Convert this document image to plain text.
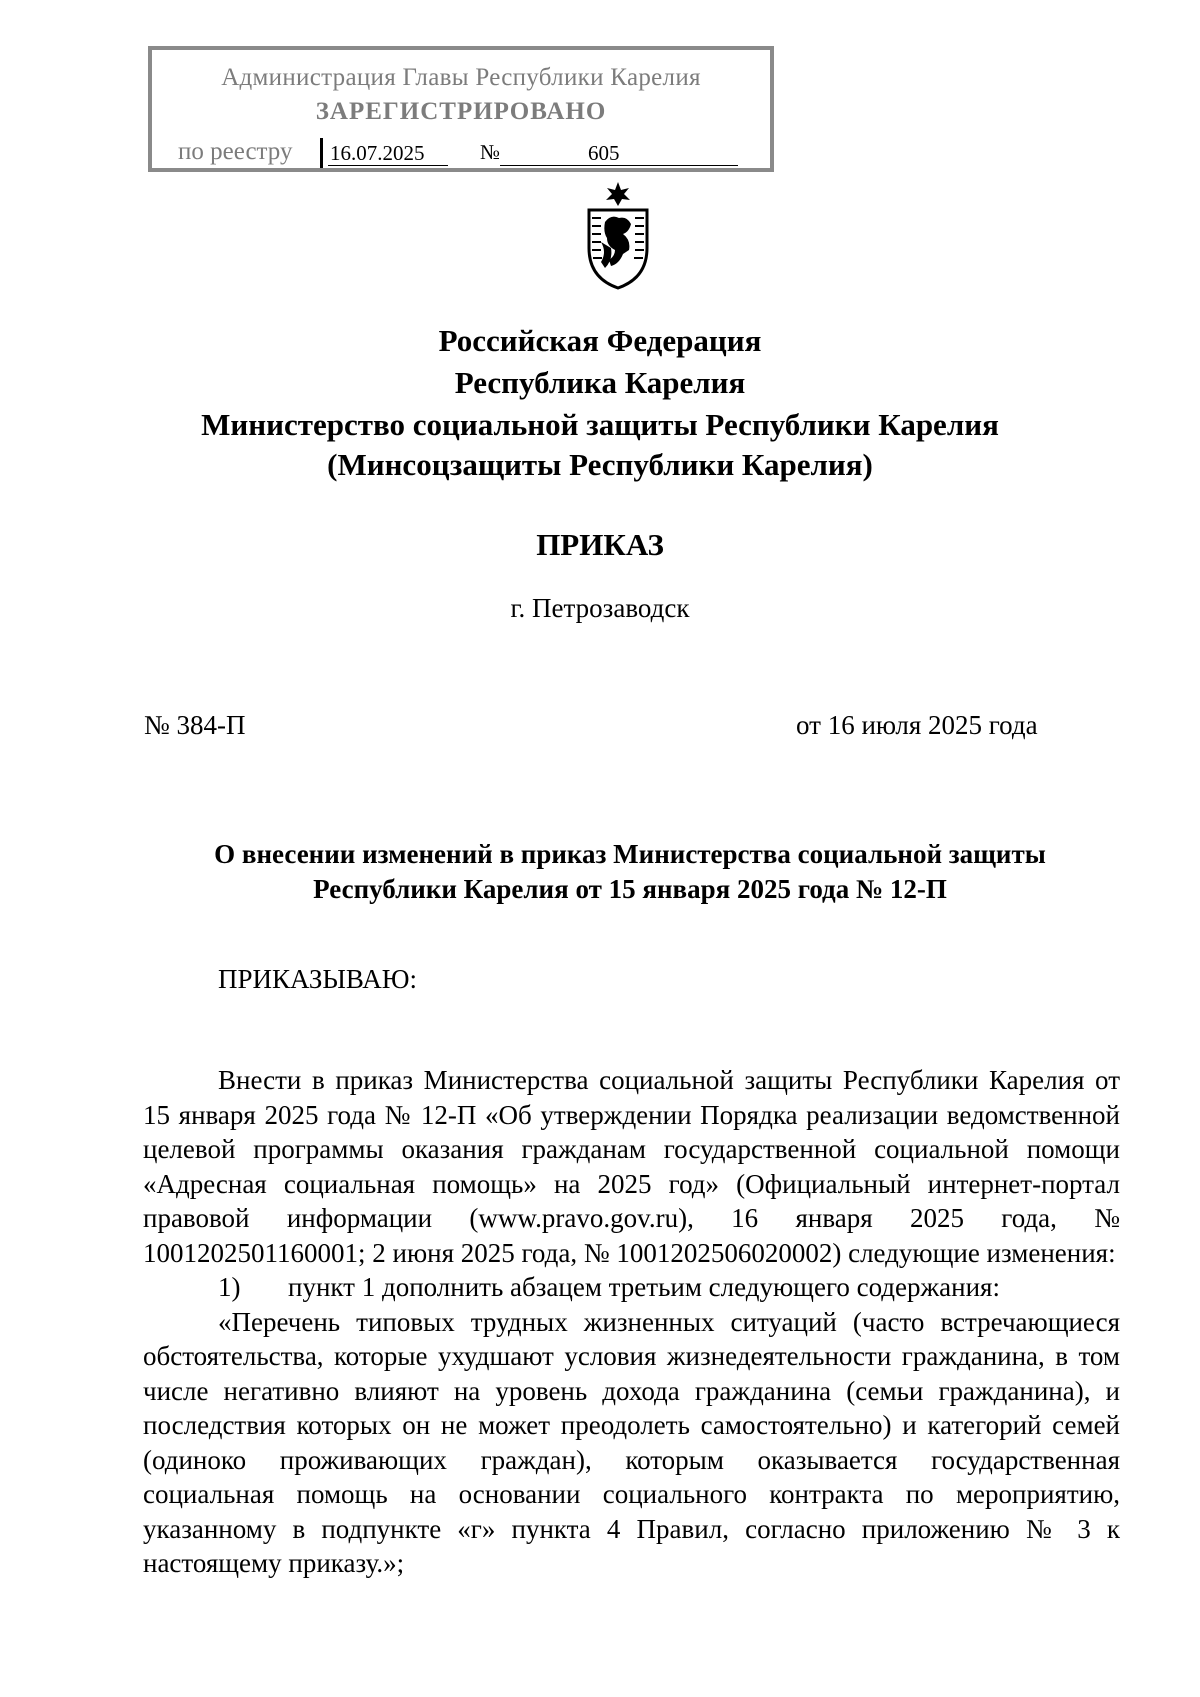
Администрация Главы Республики Карелия
ЗАРЕГИСТРИРОВАНО
по реестру 16.07.2025	№	605
Российская Федерация
Республика Карелия
Министерство социальной защиты Республики Карелия
(Минсоцзащиты Республики Карелия)
ПРИКАЗ
г. Петрозаводск
№ 384-П	от 16 июля 2025 года
О внесении изменений в приказ Министерства социальной защиты
Республики Карелия от 15 января 2025 года № 12-П
ПРИКАЗЫВАЮ:

Внести в приказ Министерства социальной защиты Республики Карелия от 15 января 2025 года № 12-П «Об утверждении Порядка реализации ведомственной целевой программы оказания гражданам государственной социальной помощи «Адресная социальная помощь» на 2025 год» (Официальный интернет-портал правовой информации (www.pravo.gov.ru), 16 января 2025 года, № 1001202501160001; 2 июня 2025 года, № 1001202506020002) следующие изменения:

1) пункт 1 дополнить абзацем третьим следующего содержания:

«Перечень типовых трудных жизненных ситуаций (часто встречающиеся обстоятельства, которые ухудшают условия жизнедеятельности гражданина, в том числе негативно влияют на уровень дохода гражданина (семьи гражданина), и последствия которых он не может преодолеть самостоятельно) и категорий семей (одиноко проживающих граждан), которым оказывается государственная социальная помощь на основании социального контракта по мероприятию, указанному в подпункте «г» пункта 4 Правил, согласно приложению № 3 к настоящему приказу.»;
